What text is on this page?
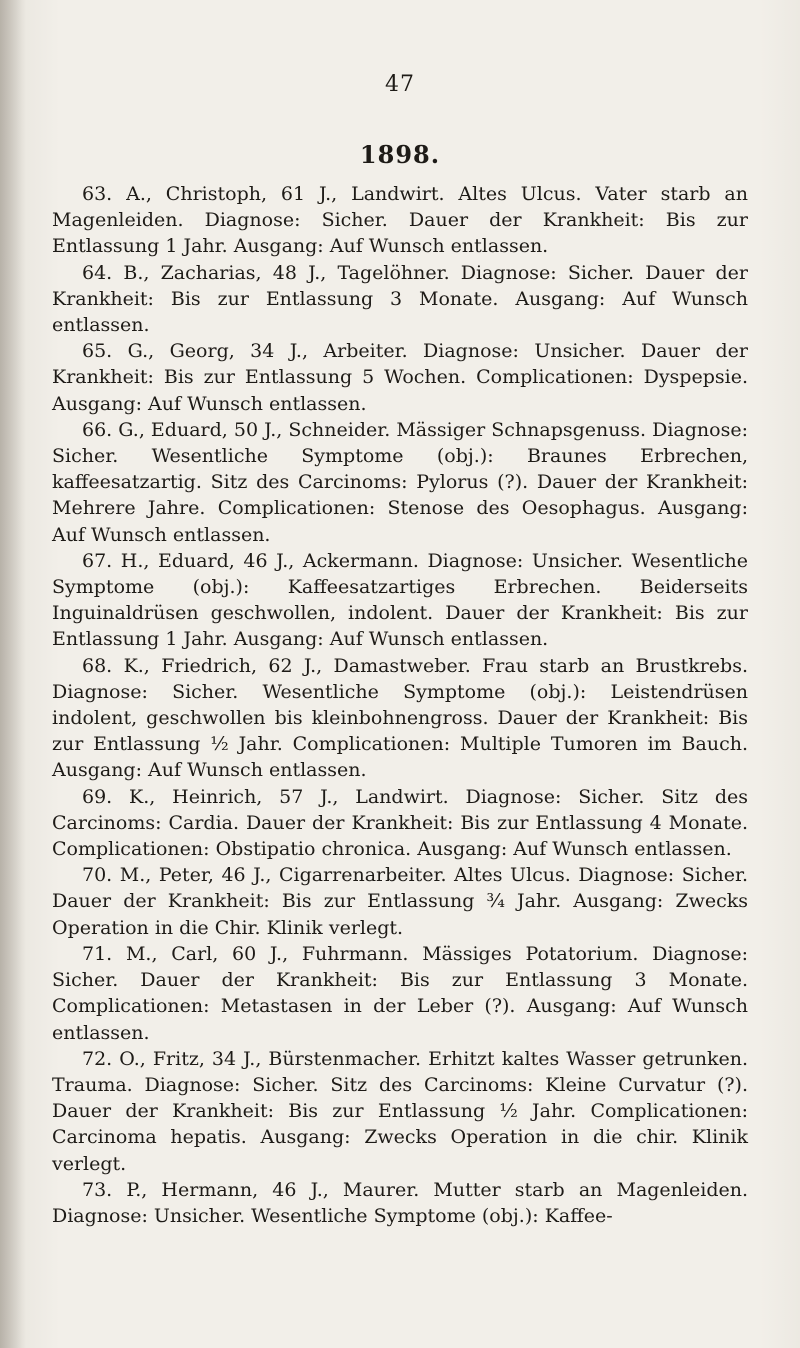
47
1898.

63. A., Christoph, 61 J., Landwirt. Altes Ulcus. Vater starb an Magenleiden. Diagnose: Sicher. Dauer der Krankheit: Bis zur Entlassung 1 Jahr. Ausgang: Auf Wunsch entlassen.

64. B., Zacharias, 48 J., Tagelöhner. Diagnose: Sicher. Dauer der Krankheit: Bis zur Entlassung 3 Monate. Ausgang: Auf Wunsch entlassen.

65. G., Georg, 34 J., Arbeiter. Diagnose: Unsicher. Dauer der Krankheit: Bis zur Entlassung 5 Wochen. Complicationen: Dyspepsie. Ausgang: Auf Wunsch entlassen.

66. G., Eduard, 50 J., Schneider. Mässiger Schnapsgenuss. Diagnose: Sicher. Wesentliche Symptome (obj.): Braunes Erbrechen, kaffeesatzartig. Sitz des Carcinoms: Pylorus (?). Dauer der Krankheit: Mehrere Jahre. Complicationen: Stenose des Oesophagus. Ausgang: Auf Wunsch entlassen.

67. H., Eduard, 46 J., Ackermann. Diagnose: Unsicher. Wesentliche Symptome (obj.): Kaffeesatzartiges Erbrechen. Beiderseits Inguinaldrüsen geschwollen, indolent. Dauer der Krankheit: Bis zur Entlassung 1 Jahr. Ausgang: Auf Wunsch entlassen.

68. K., Friedrich, 62 J., Damastweber. Frau starb an Brustkrebs. Diagnose: Sicher. Wesentliche Symptome (obj.): Leistendrüsen indolent, geschwollen bis kleinbohnengross. Dauer der Krankheit: Bis zur Entlassung ½ Jahr. Complicationen: Multiple Tumoren im Bauch. Ausgang: Auf Wunsch entlassen.

69. K., Heinrich, 57 J., Landwirt. Diagnose: Sicher. Sitz des Carcinoms: Cardia. Dauer der Krankheit: Bis zur Entlassung 4 Monate. Complicationen: Obstipatio chronica. Ausgang: Auf Wunsch entlassen.

70. M., Peter, 46 J., Cigarrenarbeiter. Altes Ulcus. Diagnose: Sicher. Dauer der Krankheit: Bis zur Entlassung ¾ Jahr. Ausgang: Zwecks Operation in die Chir. Klinik verlegt.

71. M., Carl, 60 J., Fuhrmann. Mässiges Potatorium. Diagnose: Sicher. Dauer der Krankheit: Bis zur Entlassung 3 Monate. Complicationen: Metastasen in der Leber (?). Ausgang: Auf Wunsch entlassen.

72. O., Fritz, 34 J., Bürstenmacher. Erhitzt kaltes Wasser getrunken. Trauma. Diagnose: Sicher. Sitz des Carcinoms: Kleine Curvatur (?). Dauer der Krankheit: Bis zur Entlassung ½ Jahr. Complicationen: Carcinoma hepatis. Ausgang: Zwecks Operation in die chir. Klinik verlegt.

73. P., Hermann, 46 J., Maurer. Mutter starb an Magenleiden. Diagnose: Unsicher. Wesentliche Symptome (obj.): Kaffee-
